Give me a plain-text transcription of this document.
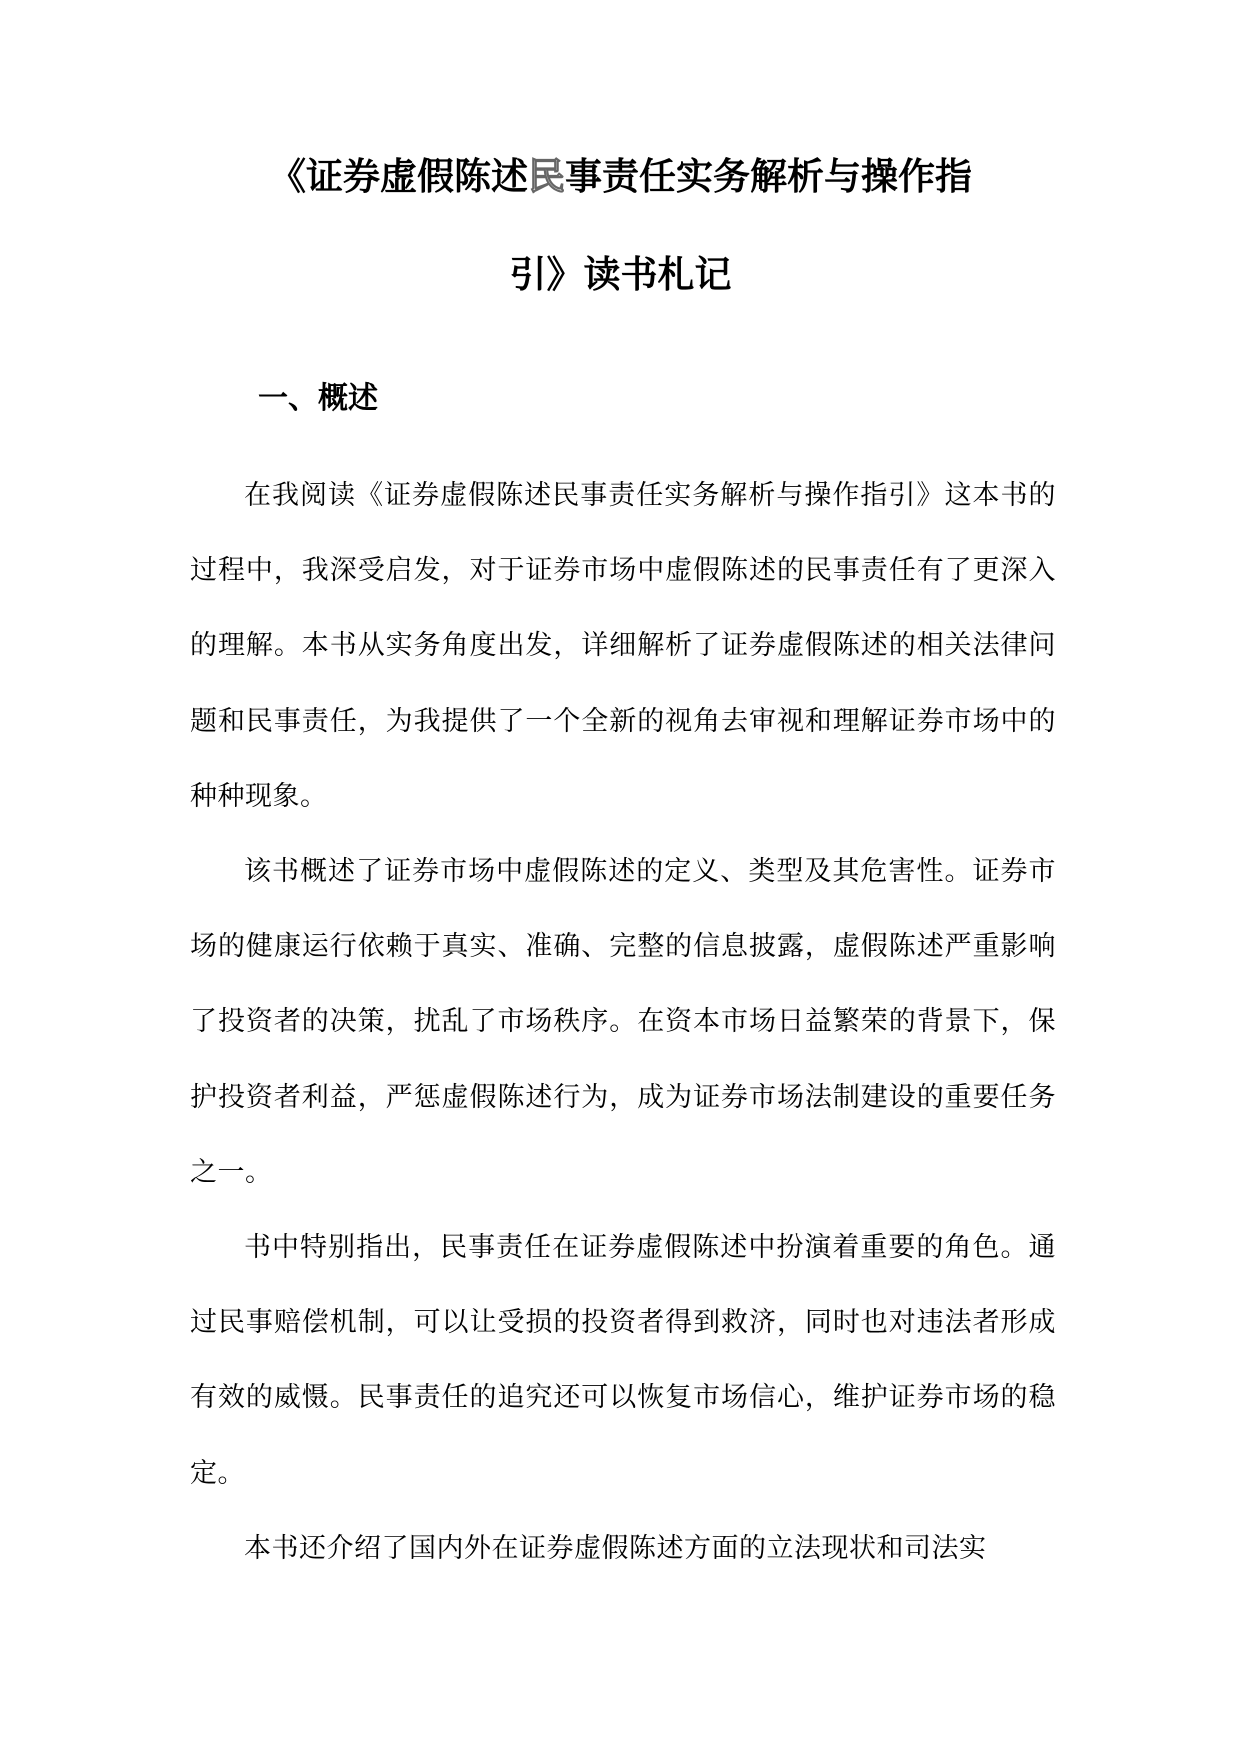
《证券虚假陈述民事责任实务解析与操作指
引》读书札记
一、概述

在我阅读《证券虚假陈述民事责任实务解析与操作指引》这本书的过程中，我深受启发，对于证券市场中虚假陈述的民事责任有了更深入的理解。本书从实务角度出发，详细解析了证券虚假陈述的相关法律问题和民事责任，为我提供了一个全新的视角去审视和理解证券市场中的种种现象。

该书概述了证券市场中虚假陈述的定义、类型及其危害性。证券市场的健康运行依赖于真实、准确、完整的信息披露，虚假陈述严重影响了投资者的决策，扰乱了市场秩序。在资本市场日益繁荣的背景下，保护投资者利益，严惩虚假陈述行为，成为证券市场法制建设的重要任务之一。

书中特别指出，民事责任在证券虚假陈述中扮演着重要的角色。通过民事赔偿机制，可以让受损的投资者得到救济，同时也对违法者形成有效的威慑。民事责任的追究还可以恢复市场信心，维护证券市场的稳定。

本书还介绍了国内外在证券虚假陈述方面的立法现状和司法实
